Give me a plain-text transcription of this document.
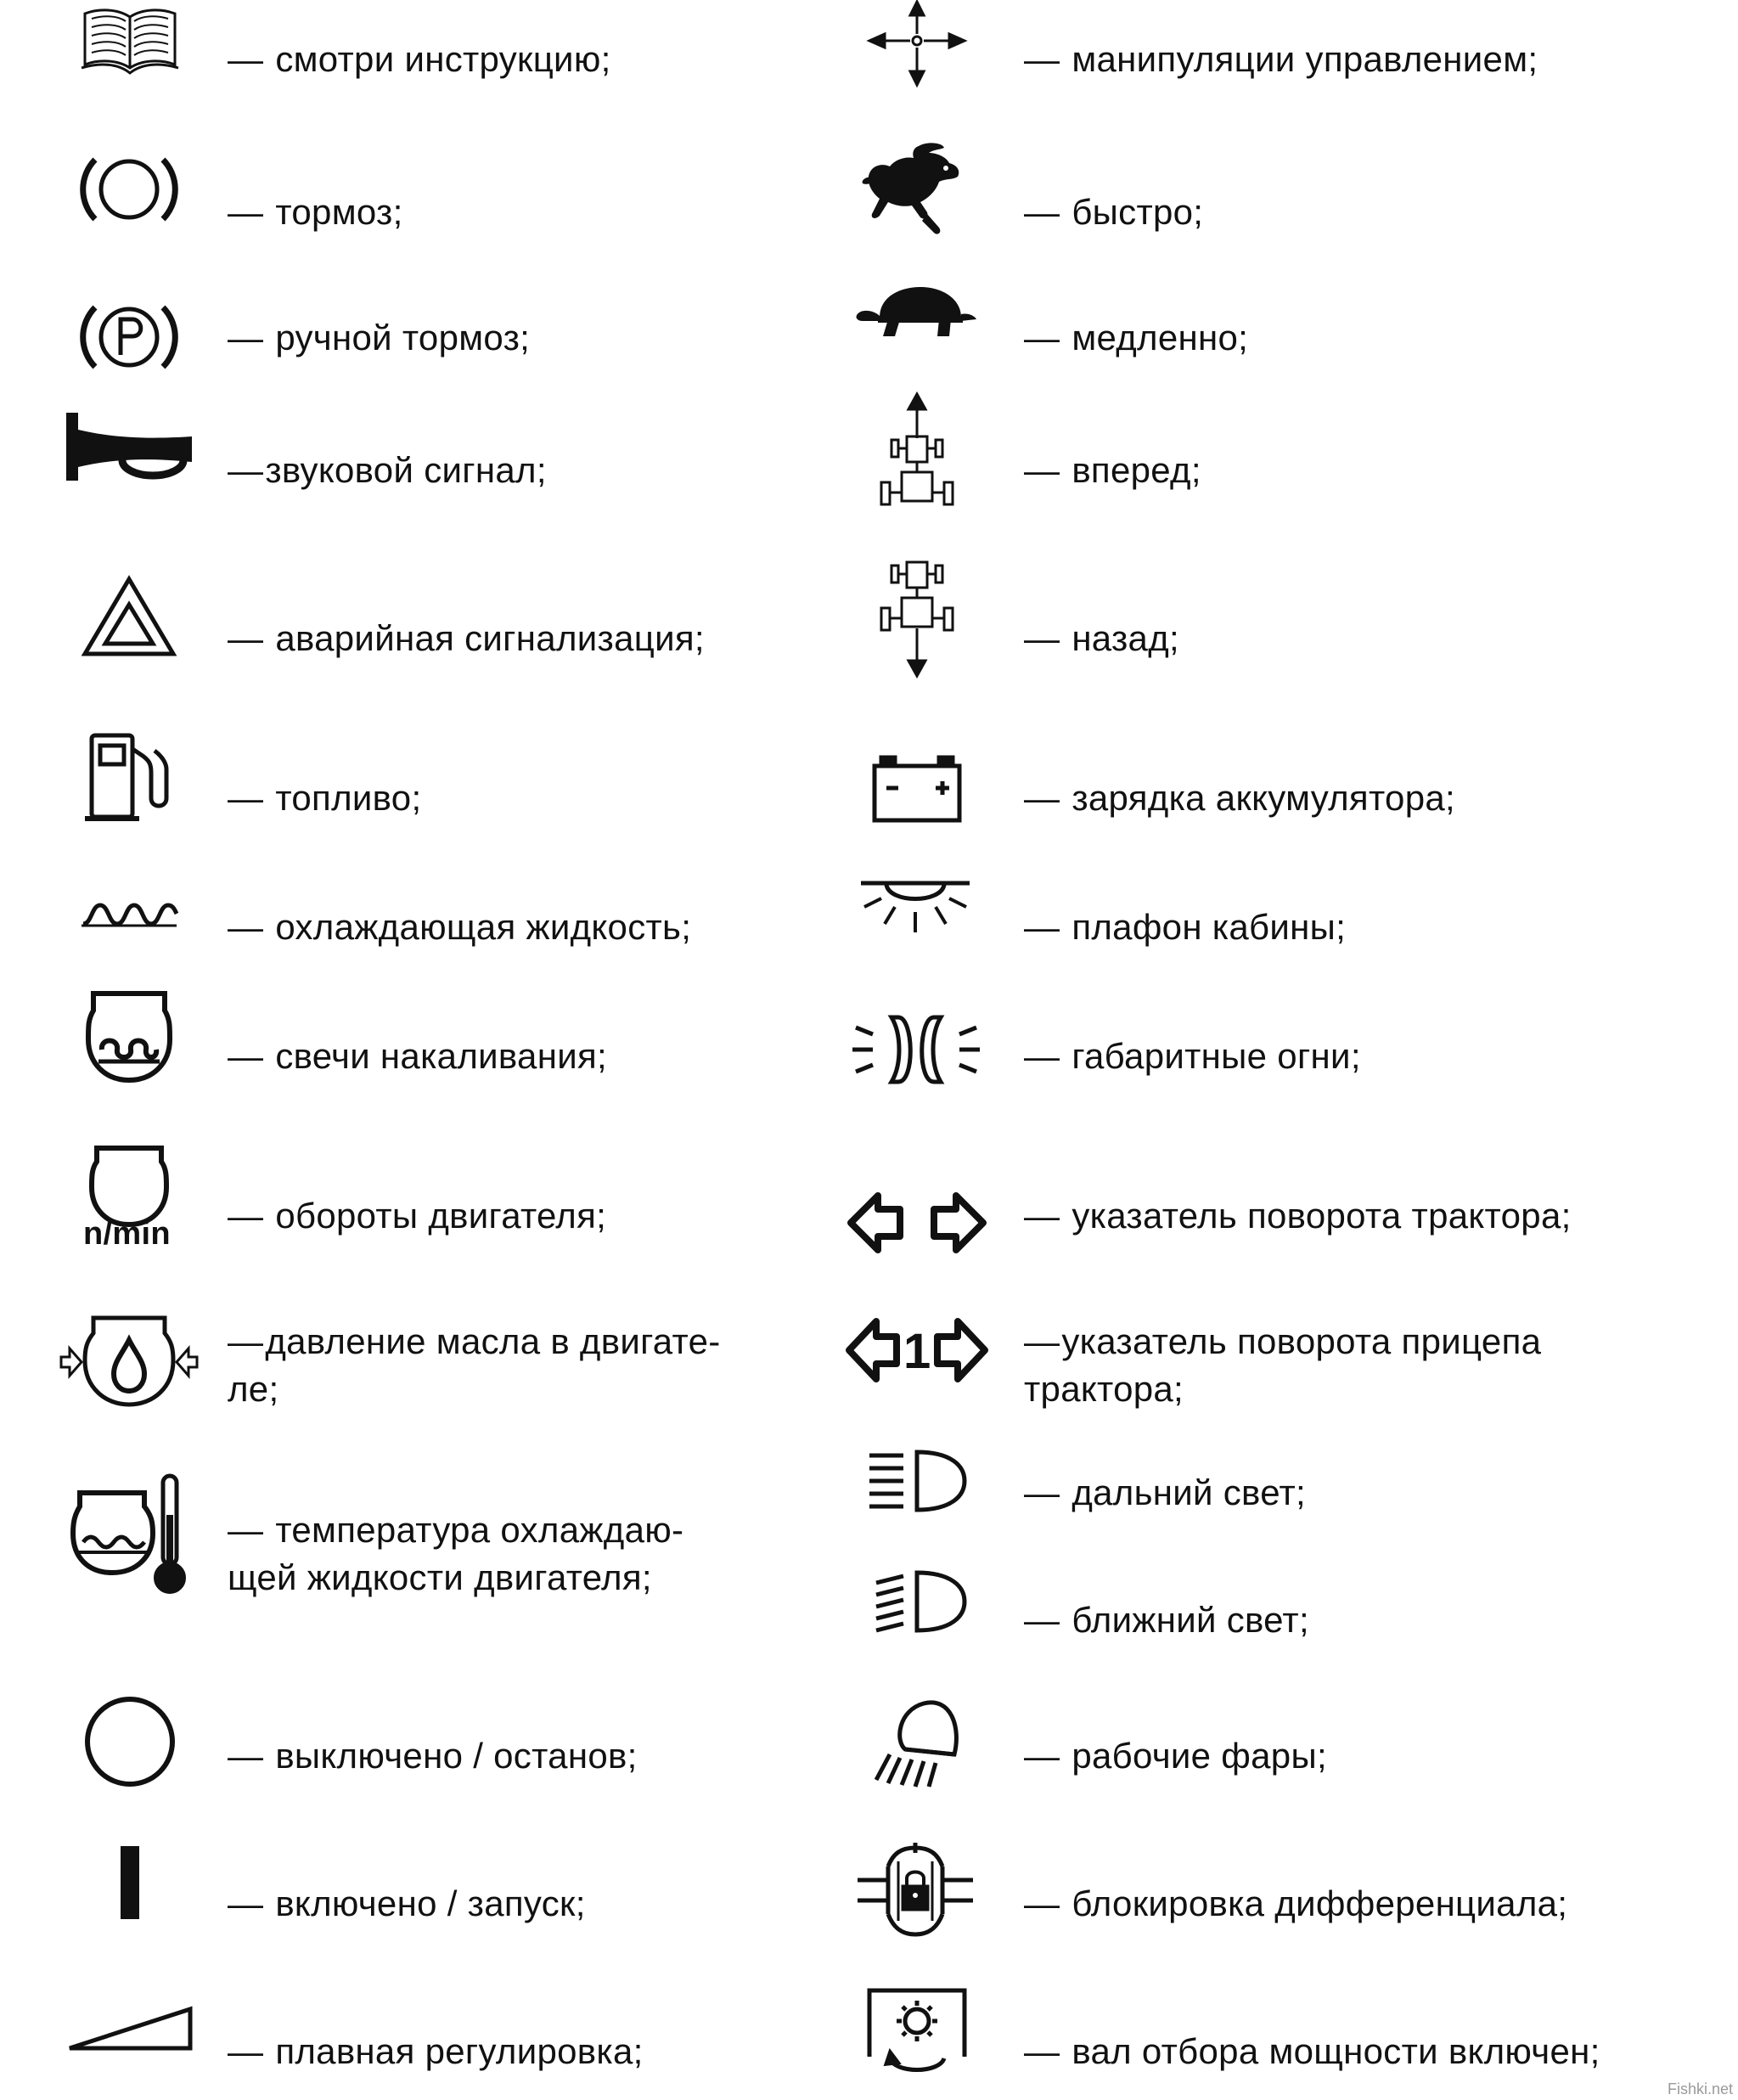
— смотри инструкцию;
— тормоз;
— ручной тормоз;
—звуковой сигнал;
— аварийная сигнализация;
— топливо;
— охлаждающая жидкость;
— свечи накаливания;
n/min — обороты двигателя;
—давление масла в двигате-
ле;
— температура охлаждаю-
щей жидкости двигателя;
— выключено / останов;
— включено / запуск;
— плавная регулировка;
— манипуляции управлением;
— быстро;
— медленно;
— вперед;
— назад;
— зарядка аккумулятора;
— плафон кабины;
— габаритные огни;
— указатель поворота трактора;
1	—указатель поворота прицепа
трактора;
— дальний свет;
— ближний свет;
— рабочие фары;
— блокировка дифференциала;
— вал отбора мощности включен;
Fishki.net
